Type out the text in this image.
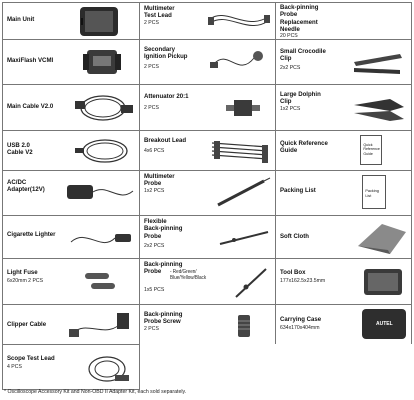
Main Unit
Multimeter
Test Lead
2 PCS
Back-pinning
Probe
Replacement
Needle
20 PCS
MaxiFlash VCMI
Secondary
Ignition Pickup
2 PCS
Small Crocodile
Clip
2x2 PCS
Main Cable V2.0
Attenuator 20:1
2 PCS
Large Dolphin
Clip
1x2 PCS
USB 2.0
Cable V2
Breakout Lead
4x6 PCS
Quick Reference
Guide
Quick
Reference
Guide
AC/DC
Adapter(12V)
Multimeter
Probe
1x2 PCS	Packing List	Packing
List
Cigarette Lighter
Flexible
Back-pinning
Probe
2x2 PCS
Soft Cloth
Light Fuse
6x20mm 2 PCS
Back-pinning
Probe	- Red/Green/
Blue/Yellow/Black
1x5 PCS
Tool Box
177x162.5x23.5mm
Clipper Cable
Back-pinning
Probe Screw
2 PCS
Carrying Case
634x170x404mm
AUTEL
Scope Test Lead
4 PCS
* Oscilloscope Accessory Kit and Non-OBD II Adapter Kit, each sold separately.
